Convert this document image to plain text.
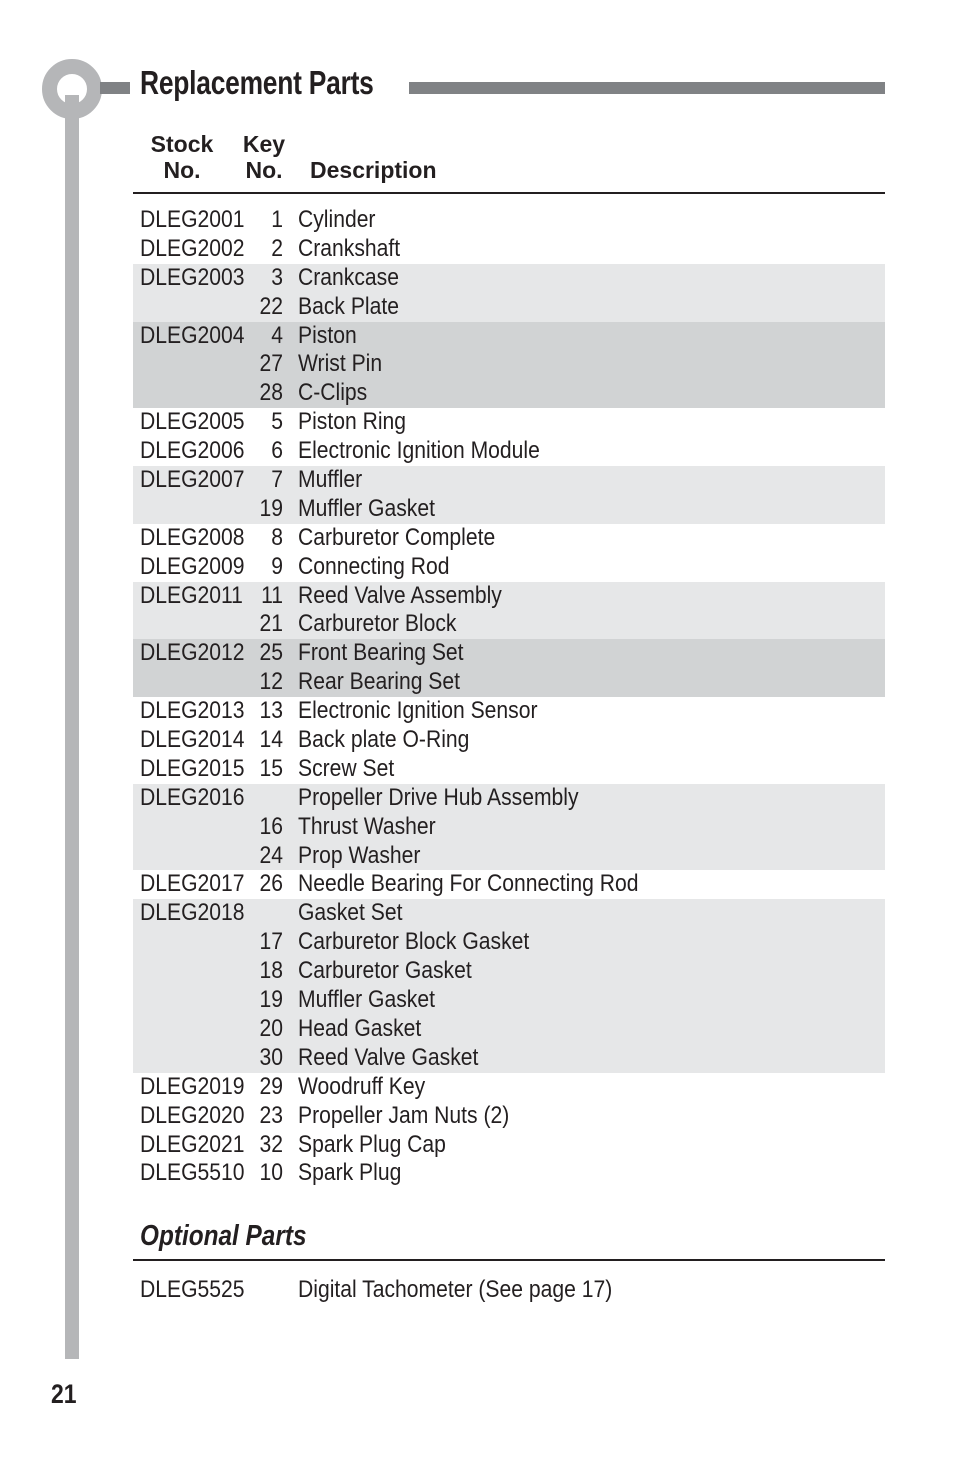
Replacement Parts
Stock
No.
Key
No.	Description
DLEG2001	1 Cylinder
DLEG2002	2 Crankshaft
DLEG2003	3 Crankcase
22 Back Plate
DLEG2004	4 Piston
27 Wrist Pin
28 C-Clips
DLEG2005	5 Piston Ring
DLEG2006	6 Electronic Ignition Module
DLEG2007	7 Muffler
19 Muffler Gasket
DLEG2008	8 Carburetor Complete
DLEG2009	9 Connecting Rod
DLEG2011 11 Reed Valve Assembly
21 Carburetor Block
DLEG2012 25 Front Bearing Set
12 Rear Bearing Set
DLEG2013 13 Electronic Ignition Sensor
DLEG2014 14 Back plate O-Ring
DLEG2015 15 Screw Set
DLEG2016 Propeller Drive Hub Assembly
16 Thrust Washer
24 Prop Washer
DLEG2017 26 Needle Bearing For Connecting Rod
DLEG2018 Gasket Set
17 Carburetor Block Gasket
18 Carburetor Gasket
19 Muffler Gasket
20 Head Gasket
30 Reed Valve Gasket
DLEG2019 29 Woodruff Key
DLEG2020 23 Propeller Jam Nuts (2)
DLEG2021 32 Spark Plug Cap
DLEG5510 10 Spark Plug
Optional Parts
DLEG5525 Digital Tachometer (See page 17)
21
